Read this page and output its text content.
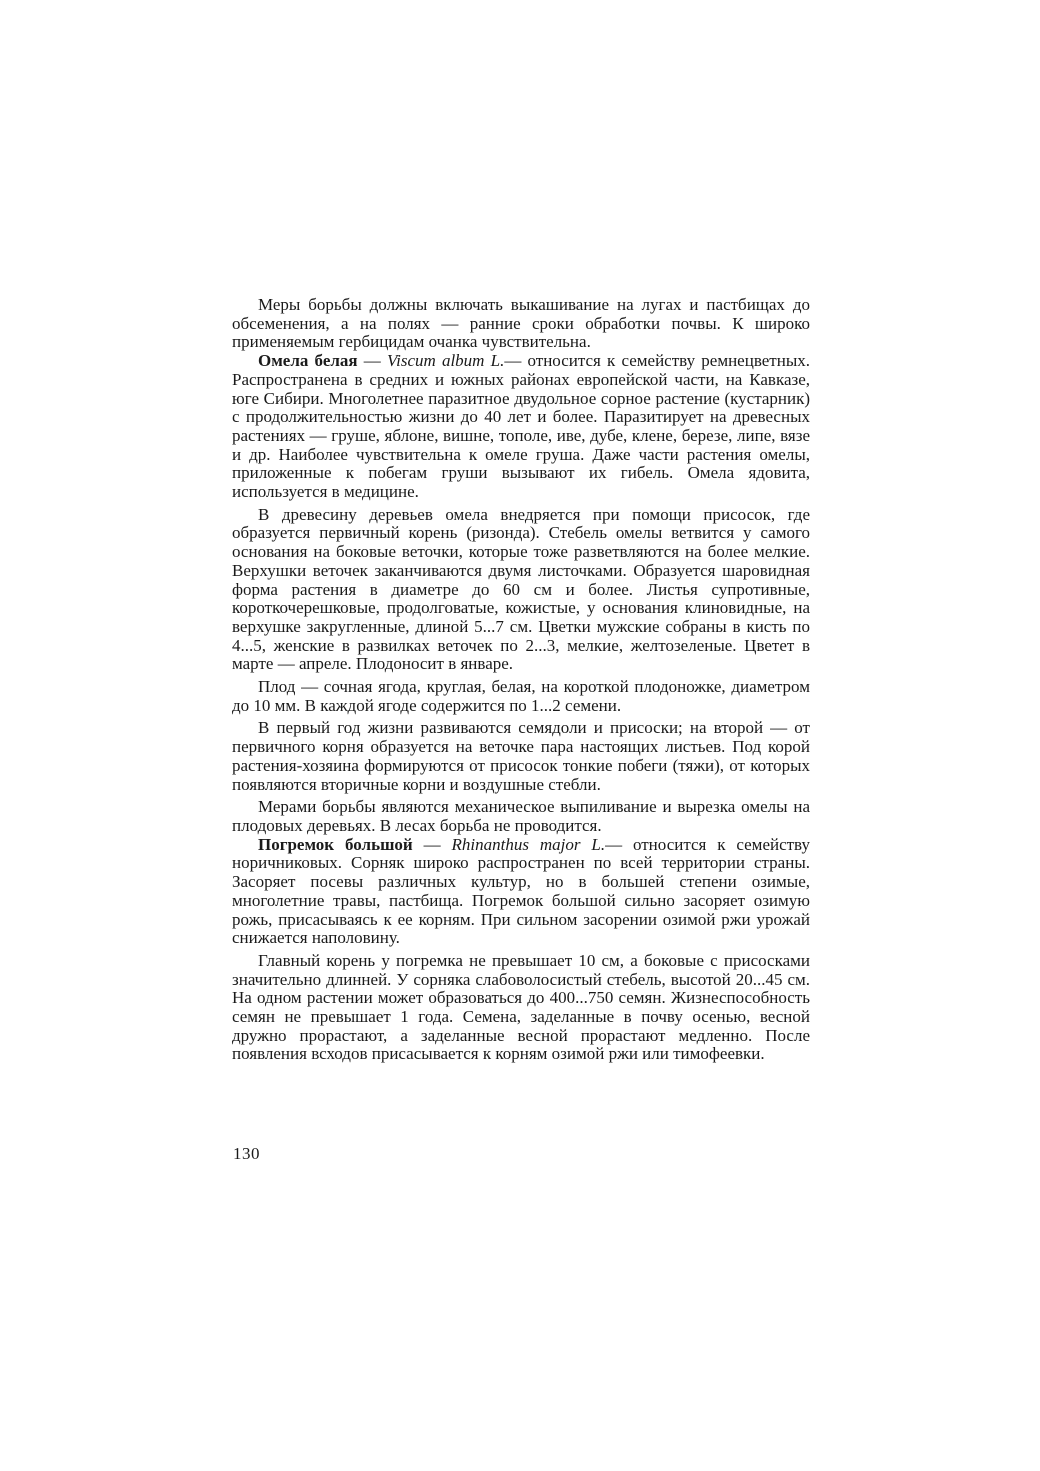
Меры борьбы должны включать выкашивание на лугах и пастбищах до обсеменения, а на полях — ранние сроки обработки почвы. К широко применяемым гербицидам очанка чувствительна.

Омела белая — Viscum album L.— относится к семейству ремнецветных. Распространена в средних и южных районах европейской части, на Кавказе, юге Сибири. Многолетнее паразитное двудольное сорное растение (кустарник) с продолжительностью жизни до 40 лет и более. Паразитирует на древесных растениях — груше, яблоне, вишне, тополе, иве, дубе, клене, березе, липе, вязе и др. Наиболее чувствительна к омеле груша. Даже части растения омелы, приложенные к побегам груши вызывают их гибель. Омела ядовита, используется в медицине.

В древесину деревьев омела внедряется при помощи присосок, где образуется первичный корень (ризонда). Стебель омелы ветвится у самого основания на боковые веточки, которые тоже разветвляются на более мелкие. Верхушки веточек заканчиваются двумя листочками. Образуется шаровидная форма растения в диаметре до 60 см и более. Листья супротивные, короткочерешковые, продолговатые, кожистые, у основания клиновидные, на верхушке закругленные, длиной 5...7 см. Цветки мужские собраны в кисть по 4...5, женские в развилках веточек по 2...3, мелкие, желтозеленые. Цветет в марте — апреле. Плодоносит в январе.

Плод — сочная ягода, круглая, белая, на короткой плодоножке, диаметром до 10 мм. В каждой ягоде содержится по 1...2 семени.

В первый год жизни развиваются семядоли и присоски; на второй — от первичного корня образуется на веточке пара настоящих листьев. Под корой растения-хозяина формируются от присосок тонкие побеги (тяжи), от которых появляются вторичные корни и воздушные стебли.

Мерами борьбы являются механическое выпиливание и вырезка омелы на плодовых деревьях. В лесах борьба не проводится.

Погремок большой — Rhinanthus major L.— относится к семейству норичниковых. Сорняк широко распространен по всей территории страны. Засоряет посевы различных культур, но в большей степени озимые, многолетние травы, пастбища. Погремок большой сильно засоряет озимую рожь, присасываясь к ее корням. При сильном засорении озимой ржи урожай снижается наполовину.

Главный корень у погремка не превышает 10 см, а боковые с присосками значительно длинней. У сорняка слабоволосистый стебель, высотой 20...45 см. На одном растении может образоваться до 400...750 семян. Жизнеспособность семян не превышает 1 года. Семена, заделанные в почву осенью, весной дружно прорастают, а заделанные весной прорастают медленно. После появления всходов присасывается к корням озимой ржи или тимофеевки.

130
